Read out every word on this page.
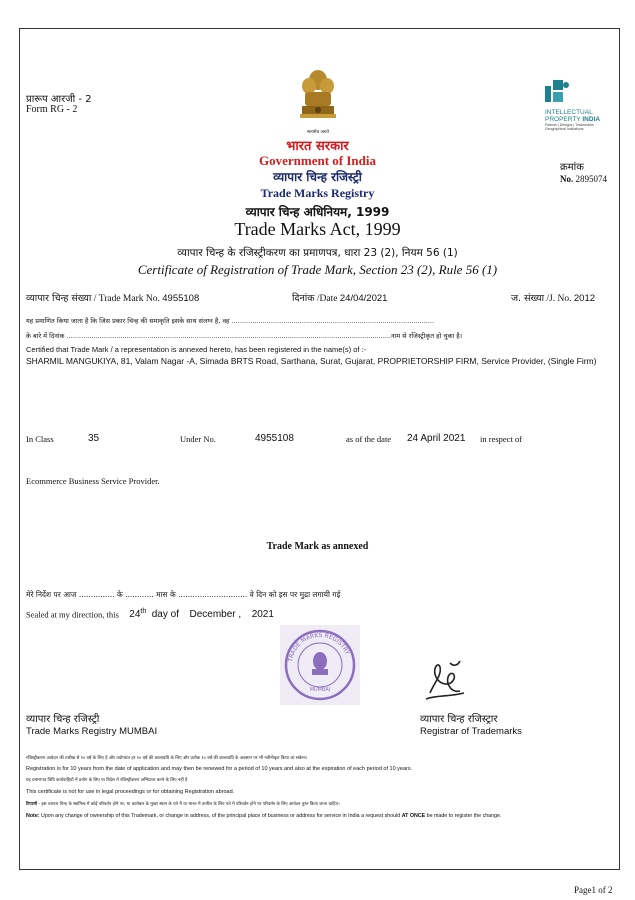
प्रारूप आरजी - 2
Form RG - 2
सत्यमेव जयते
INTELLECTUAL
PROPERTY INDIA
Patents | Designs | Trademarks
Geographical Indications
भारत सरकार
Government of India
व्यापार चिन्ह रजिस्ट्री
Trade Marks Registry
व्यापार चिन्ह अधिनियम, 1999
Trade Marks Act, 1999
व्यापार चिन्ह के रजिस्ट्रीकरण का प्रमाणपत्र, धारा 23 (2), नियम 56 (1)
Certificate of Registration of Trade Mark, Section 23 (2), Rule 56 (1)
क्रमांक
No. 2895074
व्यापार चिन्ह संख्या / Trade Mark No. 4955108	दिनांक /Date 24/04/2021	ज. संख्या /J. No. 2012
यह प्रमाणित किया जाता है कि जिस प्रकार चिन्ह की समाकृति इसके साथ संलग्न है, वह ..................................................................................................
के बारे में दिनांक .............................................................................................................................................................नाम से रजिस्ट्रीकृत हो चुका है।
Certified that Trade Mark / a representation is annexed hereto, has been registered in the name(s) of :-
SHARMIL MANGUKIYA, 81, Valam Nagar -A, Simada BRTS Road, Sarthana, Surat, Gujarat, PROPRIETORSHIP FIRM, Service Provider, (Single Firm)
In Class	35	Under No.	4955108	as of the date 24 April 2021 in respect of
Ecommerce Business Service Provider.
Trade Mark as annexed
मेरे निर्देश पर आज ............... के ............ मास के ............................. वे दिन को इस पर मुद्रा लगायी गई
Sealed at my direction, this 24th day of December , 2021
TRADE MARKS REGISTRY
MUMBAI
व्यापार चिन्ह रजिस्ट्री
Trade Marks Registry MUMBAI
व्यापार चिन्ह रजिस्ट्रार
Registrar of Trademarks
रजिस्ट्रीकरण आवेदन की तारीख से १० वर्ष के लिए है और तदोपरांत हर १० वर्ष की कालावधि के लिए और प्रत्येक १० वर्ष की कालावधि के अवसान पर भी नवीनीकृत किया जा सकेगा।
Registration is for 10 years from the date of application and may then be renewed for a period of 10 years and also at the expiration of each period of 10 years.
यह प्रमाणपत्र विधि कार्यवाहियों में प्रयोग के लिए या विदेश में रजिस्ट्रीकरण अभिप्राप्त करने के लिए नहीं है
This certificate is not for use in legal proceedings or for obtaining Registration abroad.
टिप्पणी - इस व्यापार चिन्ह के स्वामित्व में कोई परिवर्तन होने पर, या कारोबार के मुख्य स्थान के पते में या भारत में तामील के लिए पते में परिवर्तन होने पर परिवर्तन के लिए आवेदन तुरंत किया जाना चाहिए।
Note: Upon any change of ownership of this Trademark, or change in address, of the principal place of business or address for service in India a request should AT ONCE be made to register the change.
Page1 of 2
